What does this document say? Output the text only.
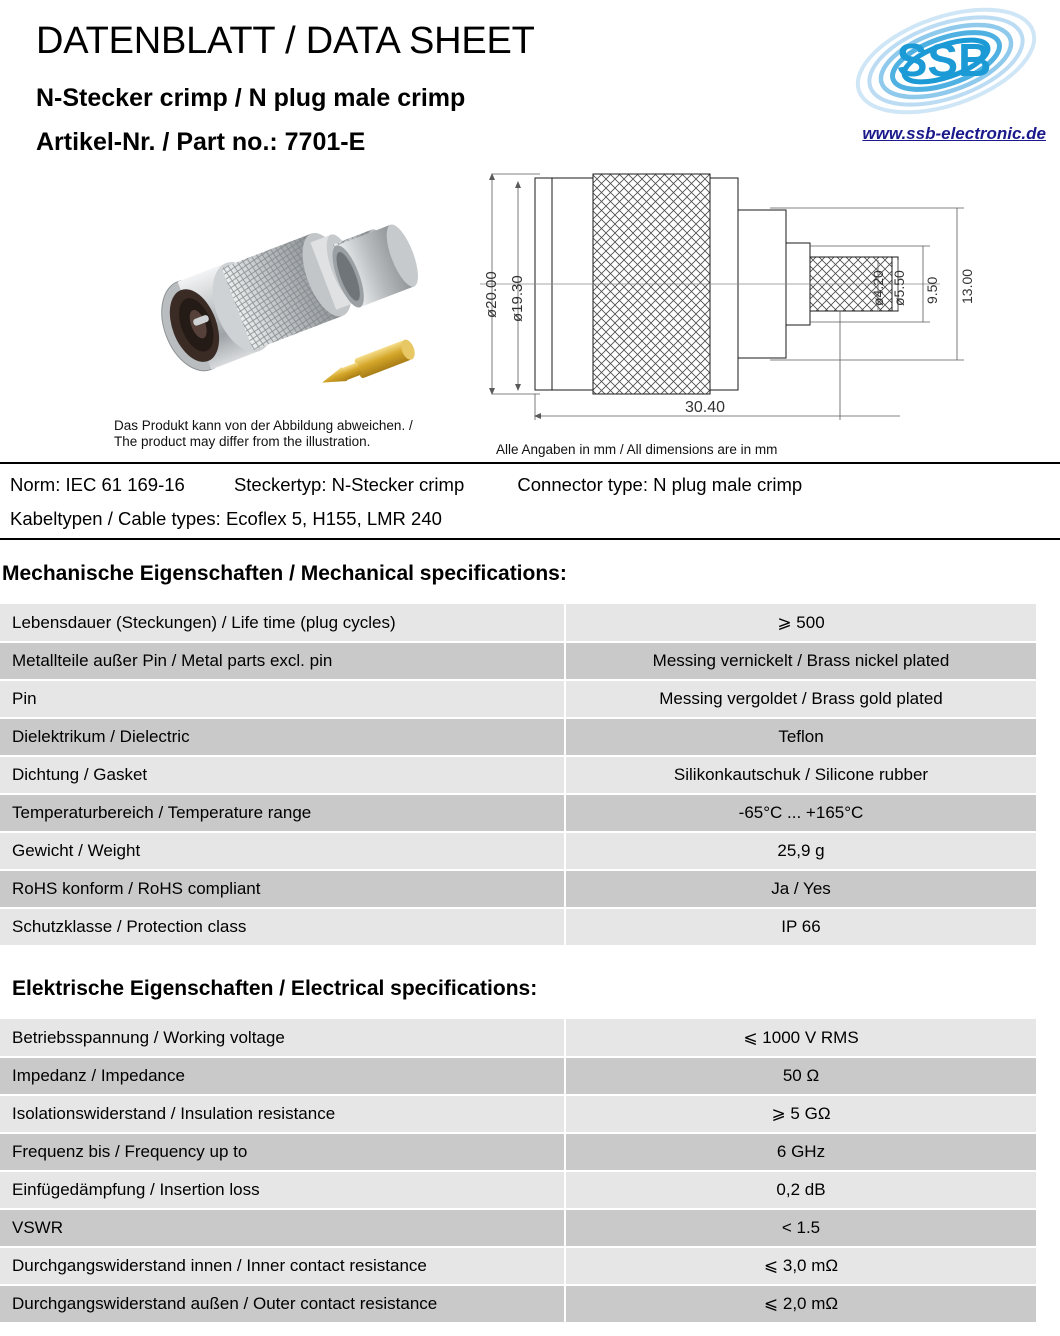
DATENBLATT / DATA SHEET
N-Stecker crimp / N plug male crimp
Artikel-Nr. / Part no.: 7701-E
SSB
www.ssb-electronic.de
Das Produkt kann von der Abbildung abweichen. /
The product may differ from the illustration.
ø20.00 ø19.30	ø4.20 ø5.50 9.50 13.00
30.40
Alle Angaben in mm / All dimensions are in mm
Norm: IEC 61 169-16	Steckertyp: N-Stecker crimp	Connector type: N plug male crimp
Kabeltypen / Cable types: Ecoflex 5, H155, LMR 240
Mechanische Eigenschaften / Mechanical specifications:
Lebensdauer (Steckungen) / Life time (plug cycles)	⩾ 500
Metallteile außer Pin / Metal parts excl. pin	Messing vernickelt / Brass nickel plated
Pin	Messing vergoldet / Brass gold plated
Dielektrikum / Dielectric	Teflon
Dichtung / Gasket	Silikonkautschuk / Silicone rubber
Temperaturbereich / Temperature range	-65°C ... +165°C
Gewicht / Weight	25,9 g
RoHS konform / RoHS compliant	Ja / Yes
Schutzklasse / Protection class	IP 66
Elektrische Eigenschaften / Electrical specifications:
Betriebsspannung / Working voltage	⩽ 1000 V RMS
Impedanz / Impedance	50 Ω
Isolationswiderstand / Insulation resistance	⩾ 5 GΩ
Frequenz bis / Frequency up to	6 GHz
Einfügedämpfung / Insertion loss	0,2 dB
VSWR	< 1.5
Durchgangswiderstand innen / Inner contact resistance	⩽ 3,0 mΩ
Durchgangswiderstand außen / Outer contact resistance	⩽ 2,0 mΩ
